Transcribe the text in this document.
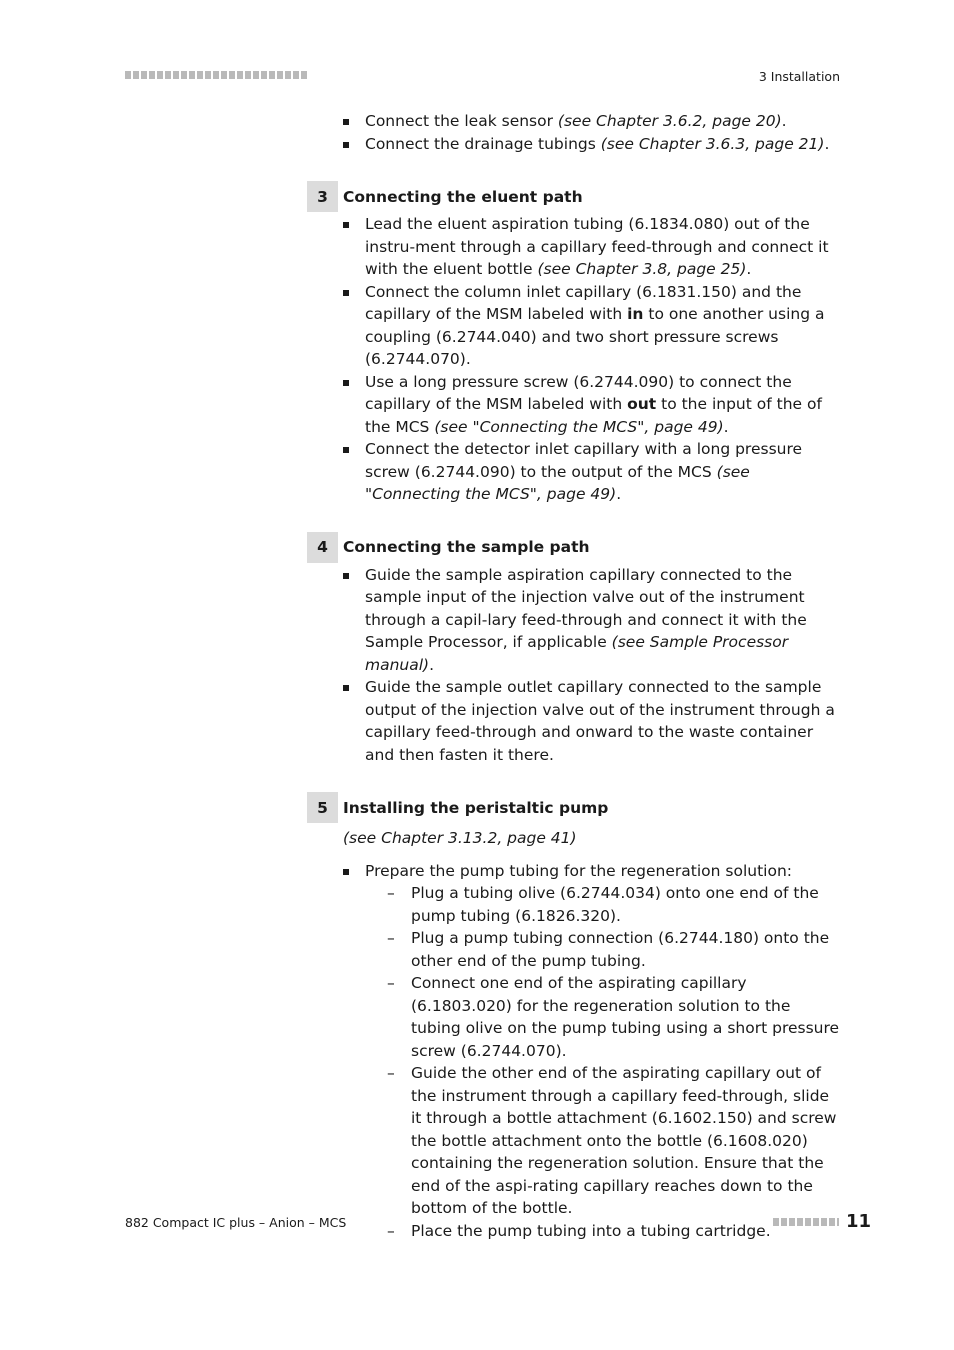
3 Installation
Connect the leak sensor (see Chapter 3.6.2, page 20).
Connect the drainage tubings (see Chapter 3.6.3, page 21).
3 Connecting the eluent path
Lead the eluent aspiration tubing (6.1834.080) out of the instru-ment through a capillary feed-through and connect it with the eluent bottle (see Chapter 3.8, page 25).
Connect the column inlet capillary (6.1831.150) and the capillary of the MSM labeled with in to one another using a coupling (6.2744.040) and two short pressure screws (6.2744.070).
Use a long pressure screw (6.2744.090) to connect the capillary of the MSM labeled with out to the input of the of the MCS (see "Connecting the MCS", page 49).
Connect the detector inlet capillary with a long pressure screw (6.2744.090) to the output of the MCS (see "Connecting the MCS", page 49).
4 Connecting the sample path
Guide the sample aspiration capillary connected to the sample input of the injection valve out of the instrument through a capil-lary feed-through and connect it with the Sample Processor, if applicable (see Sample Processor manual).
Guide the sample outlet capillary connected to the sample output of the injection valve out of the instrument through a capillary feed-through and onward to the waste container and then fasten it there.
5 Installing the peristaltic pump
(see Chapter 3.13.2, page 41)
Prepare the pump tubing for the regeneration solution:
– Plug a tubing olive (6.2744.034) onto one end of the pump tubing (6.1826.320).
– Plug a pump tubing connection (6.2744.180) onto the other end of the pump tubing.
– Connect one end of the aspirating capillary (6.1803.020) for the regeneration solution to the tubing olive on the pump tubing using a short pressure screw (6.2744.070).
– Guide the other end of the aspirating capillary out of the instrument through a capillary feed-through, slide it through a bottle attachment (6.1602.150) and screw the bottle attachment onto the bottle (6.1608.020) containing the regeneration solution. Ensure that the end of the aspi-rating capillary reaches down to the bottom of the bottle.
– Place the pump tubing into a tubing cartridge.
882 Compact IC plus – Anion – MCS	11
